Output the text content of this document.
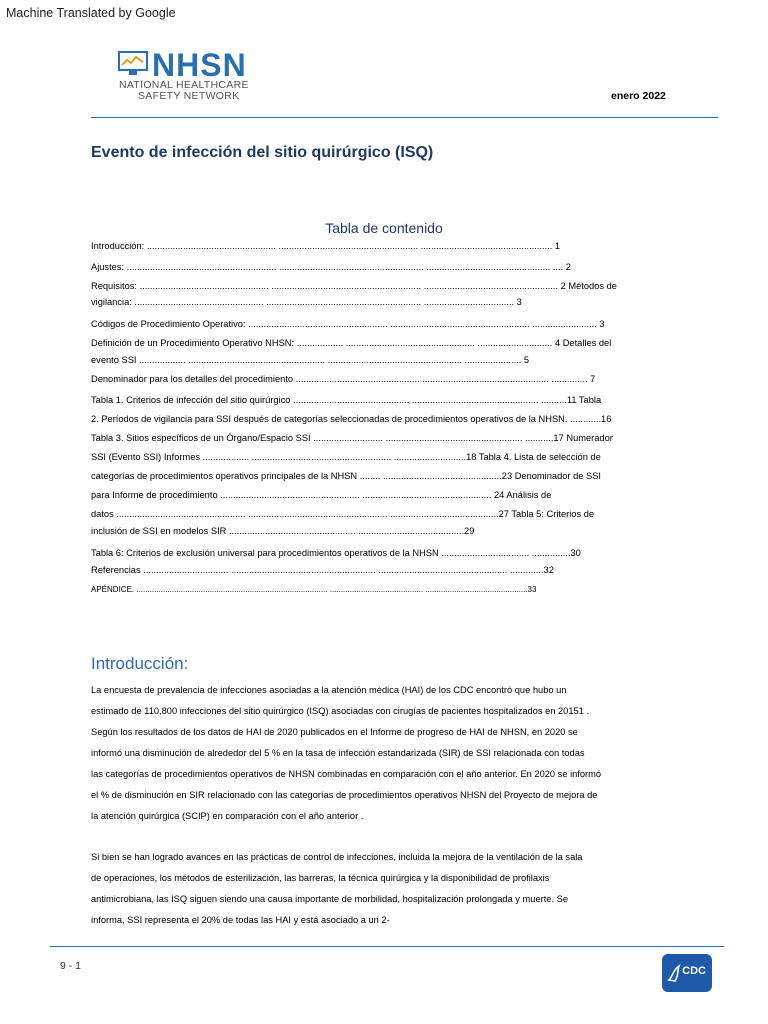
Machine Translated by Google
NHSN
NATIONAL HEALTHCARE
SAFETY NETWORK	enero 2022
Evento de infección del sitio quirúrgico (ISQ)
Tabla de contenido
Introducción: .................................................. ...................................................... ................................................... 1
Ajustes: .......................................................... ........................................................ ................................................ .... 2
Requisitos: .................................................. .......................................................... .................................................... 2 Métodos de
vigilancia: .................................................. ............................................................ ................................... 3
Códigos de Procedimiento Operativo: ...................................................... ...................................................... ......................... 3
Definición de un Procedimiento Operativo NHSN: .................. .................................................. ............................. 4 Detalles del
evento SSI .................. ..................................................... .................................................... ...................... 5
Denominador para los detalles del procedimiento ................................................ ................................................. .............. 7
Tabla 1. Criterios de infección del sitio quirúrgico ............................................. ................................................. ..........11 Tabla
2. Períodos de vigilancia para SSI después de categorías seleccionadas de procedimientos operativos de la NHSN. ............16
Tabla 3. Sitios específicos de un Órgano/Espacio SSI ........................... ..................................................... ...........17 Numerador
SSI (Evento SSI) Informes .................. ...................................................... ............................18 Tabla 4. Lista de selección de
categorías de procedimientos operativos principales de la NHSN ........ ..............................................23 Denominador de SSI
para Informe de procedimiento ...................................................... .................................................. 24 Análisis de
datos .................................................. ...................................................... ..........................................27 Tabla 5: Criterios de
inclusión de SSI en modelos SIR ................................................. .........................................29
Tabla 6: Criterios de exclusión universal para procedimientos operativos de la NHSN .................................. ...............30
Referencias ................................. ........................................................ .................................................. .............32
APÉNDICE. ...................................................................................... .......................................... ..............................................33
Introducción:
La encuesta de prevalencia de infecciones asociadas a la atención médica (HAI) de los CDC encontró que hubo un
estimado de 110,800 infecciones del sitio quirúrgico (ISQ) asociadas con cirugías de pacientes hospitalizados en 20151 .
Según los resultados de los datos de HAI de 2020 publicados en el Informe de progreso de HAI de NHSN, en 2020 se
informó una disminución de alrededor del 5 % en la tasa de infección estandarizada (SIR) de SSI relacionada con todas
las categorías de procedimientos operativos de NHSN combinadas en comparación con el año anterior. En 2020 se informó
el % de disminución en SIR relacionado con las categorías de procedimientos operativos NHSN del Proyecto de mejora de
la atención quirúrgica (SCIP) en comparación con el año anterior .
Si bien se han logrado avances en las prácticas de control de infecciones, incluida la mejora de la ventilación de la sala
de operaciones, los métodos de esterilización, las barreras, la técnica quirúrgica y la disponibilidad de profilaxis
antimicrobiana, las ISQ siguen siendo una causa importante de morbilidad, hospitalización prolongada y muerte. Se
informa, SSI representa el 20% de todas las HAI y está asociado a un 2-
9 - 1	CDC
